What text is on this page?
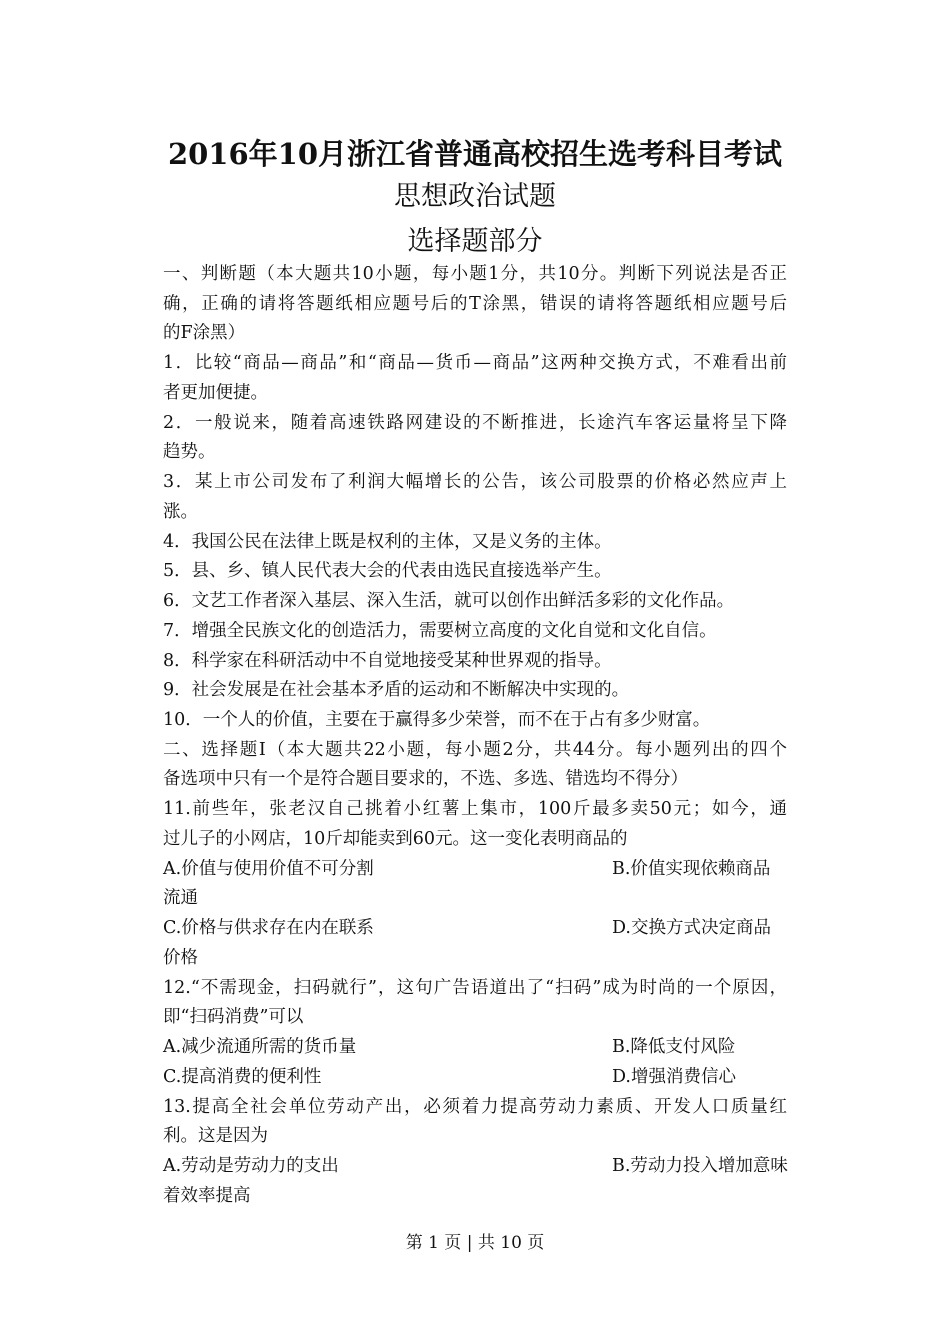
2016年10月浙江省普通高校招生选考科目考试
思想政治试题
选择题部分
一、判断题（本大题共10小题，每小题1分，共10分。判断下列说法是否正
确，正确的请将答题纸相应题号后的T涂黑，错误的请将答题纸相应题号后
的F涂黑）
1．比较“商品—商品”和“商品—货币—商品”这两种交换方式，不难看出前
者更加便捷。
2．一般说来，随着高速铁路网建设的不断推进，长途汽车客运量将呈下降
趋势。
3．某上市公司发布了利润大幅增长的公告，该公司股票的价格必然应声上
涨。
4．我国公民在法律上既是权利的主体，又是义务的主体。
5．县、乡、镇人民代表大会的代表由选民直接选举产生。
6．文艺工作者深入基层、深入生活，就可以创作出鲜活多彩的文化作品。
7．增强全民族文化的创造活力，需要树立高度的文化自觉和文化自信。
8．科学家在科研活动中不自觉地接受某种世界观的指导。
9．社会发展是在社会基本矛盾的运动和不断解决中实现的。
10．一个人的价值，主要在于赢得多少荣誉，而不在于占有多少财富。
二、选择题Ⅰ（本大题共22小题，每小题2分，共44分。每小题列出的四个
备选项中只有一个是符合题目要求的，不选、多选、错选均不得分）
11.前些年，张老汉自己挑着小红薯上集市，100斤最多卖50元；如今，通
过儿子的小网店，10斤却能卖到60元。这一变化表明商品的
A.价值与使用价值不可分割	B.价值实现依赖商品
流通
C.价格与供求存在内在联系	D.交换方式决定商品
价格
12.“不需现金，扫码就行”，这句广告语道出了“扫码”成为时尚的一个原因，
即“扫码消费”可以
A.减少流通所需的货币量	B.降低支付风险
C.提高消费的便利性	D.增强消费信心
13.提高全社会单位劳动产出，必须着力提高劳动力素质、开发人口质量红
利。这是因为
A.劳动是劳动力的支出	B.劳动力投入增加意味
着效率提高
第 1 页 | 共 10 页
